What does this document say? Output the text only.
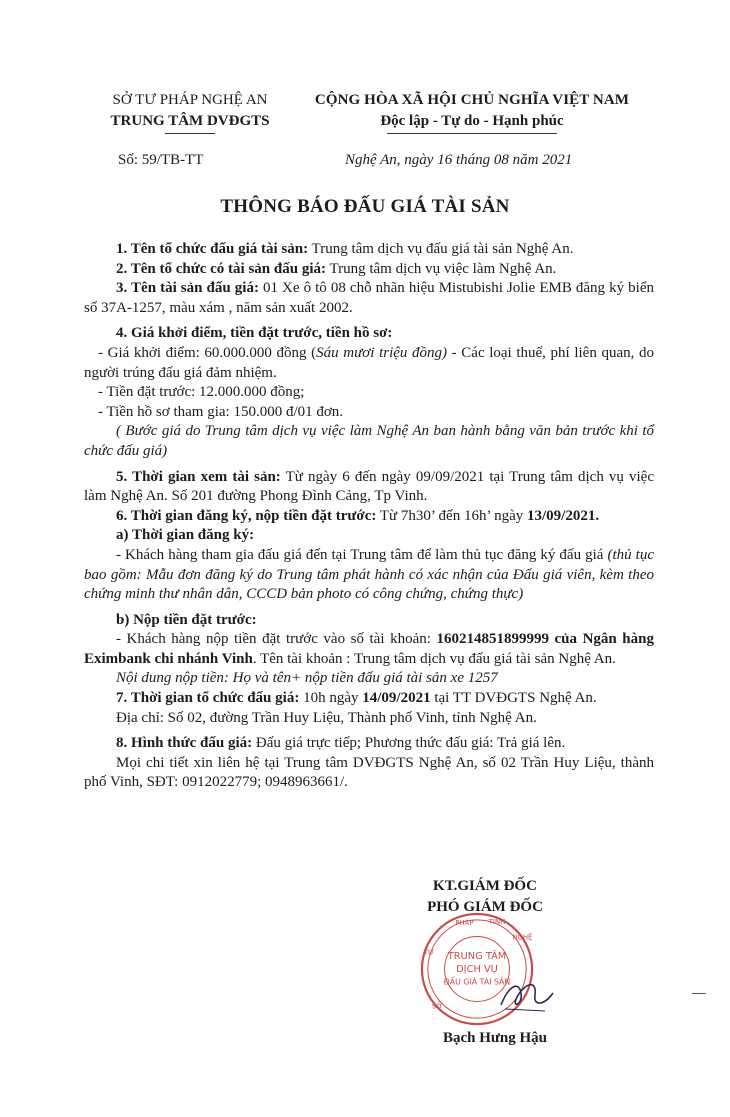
SỞ TƯ PHÁP NGHỆ AN
TRUNG TÂM DVĐGTS
CỘNG HÒA XÃ HỘI CHỦ NGHĨA VIỆT NAM
Độc lập - Tự do - Hạnh phúc
Số: 59/TB-TT	Nghệ An, ngày 16 tháng 08 năm 2021
THÔNG BÁO ĐẤU GIÁ TÀI SẢN

1. Tên tổ chức đấu giá tài sản: Trung tâm dịch vụ đấu giá tài sản Nghệ An.

2. Tên tổ chức có tài sản đấu giá: Trung tâm dịch vụ việc làm Nghệ An.

3. Tên tài sản đấu giá: 01 Xe ô tô 08 chỗ nhãn hiệu Mistubishi Jolie EMB đăng ký biển số 37A-1257, màu xám , năm sản xuất 2002.

4. Giá khởi điểm, tiền đặt trước, tiền hồ sơ:

- Giá khởi điểm: 60.000.000 đồng (Sáu mươi triệu đồng) - Các loại thuế, phí liên quan, do người trúng đấu giá đảm nhiệm.

- Tiền đặt trước: 12.000.000 đồng;

- Tiền hồ sơ tham gia: 150.000 đ/01 đơn.

( Bước giá do Trung tâm dịch vụ việc làm Nghệ An ban hành bằng văn bản trước khi tổ chức đấu giá)

5. Thời gian xem tài sản: Từ ngày 6 đến ngày 09/09/2021 tại Trung tâm dịch vụ việc làm Nghệ An. Số 201 đường Phong Đình Cảng, Tp Vinh.

6. Thời gian đăng ký, nộp tiền đặt trước: Từ 7h30’ đến 16h’ ngày 13/09/2021.

a) Thời gian đăng ký:

- Khách hàng tham gia đấu giá đến tại Trung tâm để làm thủ tục đăng ký đấu giá (thủ tục bao gồm: Mẫu đơn đăng ký do Trung tâm phát hành có xác nhận của Đấu giá viên, kèm theo chứng minh thư nhân dân, CCCD bản photo có công chứng, chứng thực)

b) Nộp tiền đặt trước:

- Khách hàng nộp tiền đặt trước vào số tài khoản: 160214851899999 của Ngân hàng Eximbank chi nhánh Vinh. Tên tài khoản : Trung tâm dịch vụ đấu giá tài sản Nghệ An.

Nội dung nộp tiền: Họ và tên+ nộp tiền đấu giá tài sản xe 1257

7. Thời gian tổ chức đấu giá: 10h ngày 14/09/2021 tại TT DVĐGTS Nghệ An.

Địa chỉ: Số 02, đường Trần Huy Liệu, Thành phố Vinh, tỉnh Nghệ An.

8. Hình thức đấu giá: Đấu giá trực tiếp; Phương thức đấu giá: Trả giá lên.

Mọi chi tiết xin liên hệ tại Trung tâm DVĐGTS Nghệ An, số 02 Trần Huy Liệu, thành phố Vinh, SĐT: 0912022779; 0948963661/.

KT.GIÁM ĐỐC
PHÓ GIÁM ĐỐC
TRUNG TÂM
DỊCH VỤ
ĐẤU GIÁ TÀI SẢN
PHÁP TỈNH
NGHỆ
TƯ
SỞ
Bạch Hưng Hậu
